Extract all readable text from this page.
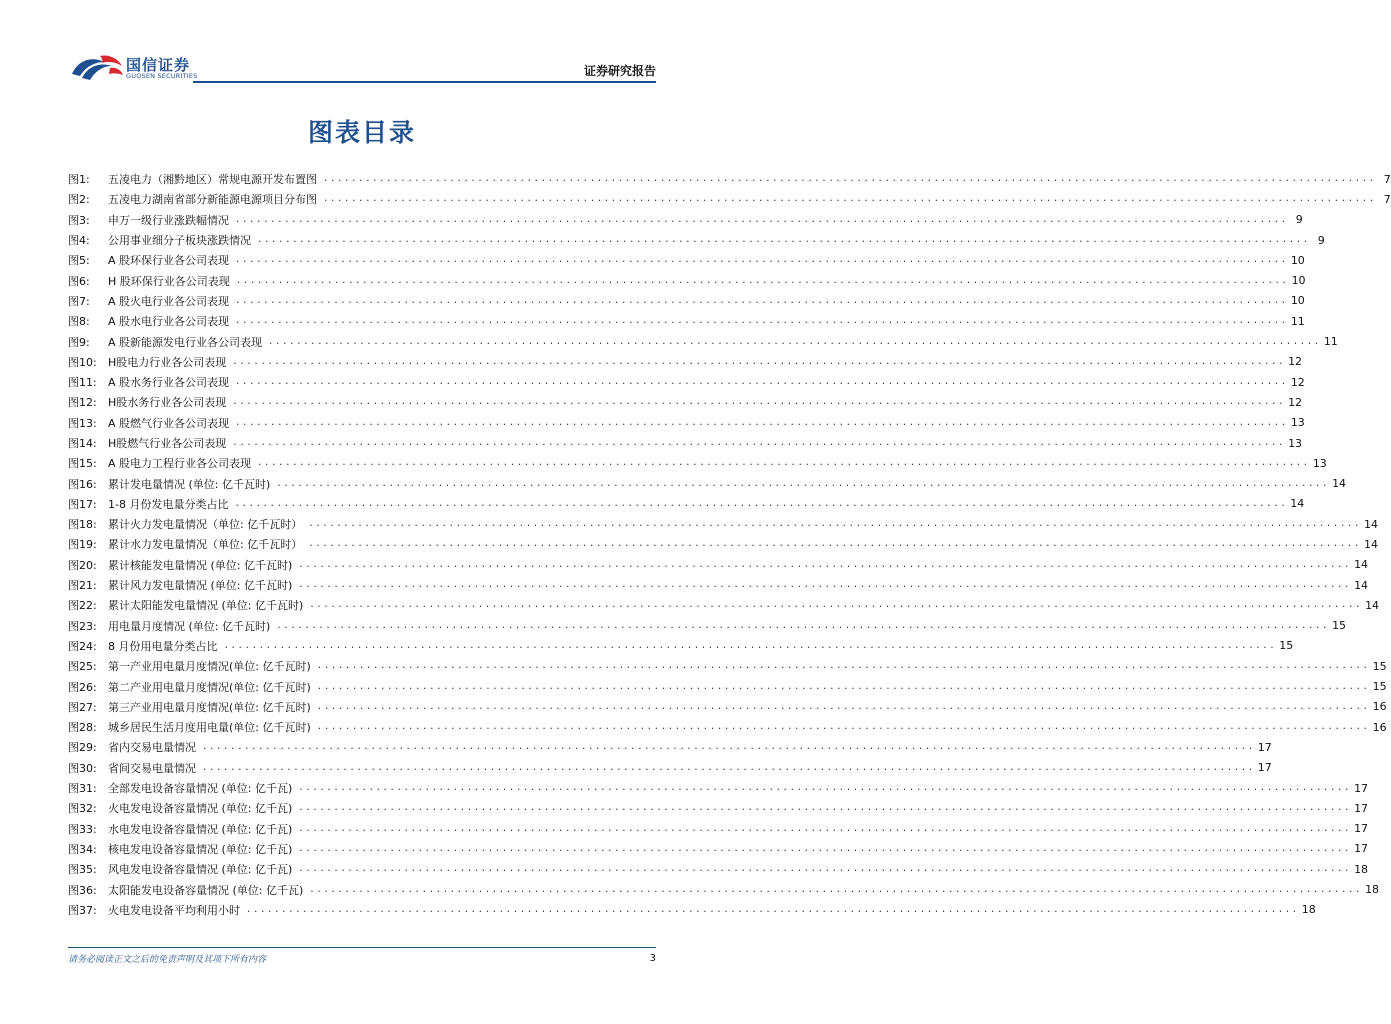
国信证券
GUOSEN SECURITIES	证券研究报告
图表目录
图1:	五凌电力（湘黔地区）常规电源开发布置图 ...................................................................................................................................................... 7
图2:	五凌电力湖南省部分新能源电源项目分布图 ...................................................................................................................................................... 7
图3:	申万一级行业涨跌幅情况 ...................................................................................................................................................... 9
图4:	公用事业细分子板块涨跌情况 ...................................................................................................................................................... 9
图5:	A 股环保行业各公司表现 ...................................................................................................................................................... 10
图6:	H 股环保行业各公司表现 ...................................................................................................................................................... 10
图7:	A 股火电行业各公司表现 ...................................................................................................................................................... 10
图8:	A 股水电行业各公司表现 ...................................................................................................................................................... 11
图9:	A 股新能源发电行业各公司表现 ...................................................................................................................................................... 11
图10:	H股电力行业各公司表现 ...................................................................................................................................................... 12
图11:	A 股水务行业各公司表现 ...................................................................................................................................................... 12
图12:	H股水务行业各公司表现 ...................................................................................................................................................... 12
图13:	A 股燃气行业各公司表现 ...................................................................................................................................................... 13
图14:	H股燃气行业各公司表现 ...................................................................................................................................................... 13
图15:	A 股电力工程行业各公司表现 ...................................................................................................................................................... 13
图16:	累计发电量情况 (单位: 亿千瓦时) ...................................................................................................................................................... 14
图17:	1-8 月份发电量分类占比 ...................................................................................................................................................... 14
图18:	累计火力发电量情况（单位: 亿千瓦时） ...................................................................................................................................................... 14
图19:	累计水力发电量情况（单位: 亿千瓦时） ...................................................................................................................................................... 14
图20:	累计核能发电量情况 (单位: 亿千瓦时) ...................................................................................................................................................... 14
图21:	累计风力发电量情况 (单位: 亿千瓦时) ...................................................................................................................................................... 14
图22:	累计太阳能发电量情况 (单位: 亿千瓦时) ...................................................................................................................................................... 14
图23:	用电量月度情况 (单位: 亿千瓦时) ...................................................................................................................................................... 15
图24:	8 月份用电量分类占比 ...................................................................................................................................................... 15
图25:	第一产业用电量月度情况(单位: 亿千瓦时) ...................................................................................................................................................... 15
图26:	第二产业用电量月度情况(单位: 亿千瓦时) ...................................................................................................................................................... 15
图27:	第三产业用电量月度情况(单位: 亿千瓦时) ...................................................................................................................................................... 16
图28:	城乡居民生活月度用电量(单位: 亿千瓦时) ...................................................................................................................................................... 16
图29:	省内交易电量情况 ...................................................................................................................................................... 17
图30:	省间交易电量情况 ...................................................................................................................................................... 17
图31:	全部发电设备容量情况 (单位: 亿千瓦) ...................................................................................................................................................... 17
图32:	火电发电设备容量情况 (单位: 亿千瓦) ...................................................................................................................................................... 17
图33:	水电发电设备容量情况 (单位: 亿千瓦) ...................................................................................................................................................... 17
图34:	核电发电设备容量情况 (单位: 亿千瓦) ...................................................................................................................................................... 17
图35:	风电发电设备容量情况 (单位: 亿千瓦) ...................................................................................................................................................... 18
图36:	太阳能发电设备容量情况 (单位: 亿千瓦) ...................................................................................................................................................... 18
图37:	火电发电设备平均利用小时 ...................................................................................................................................................... 18
请务必阅读正文之后的免责声明及其项下所有内容	3
